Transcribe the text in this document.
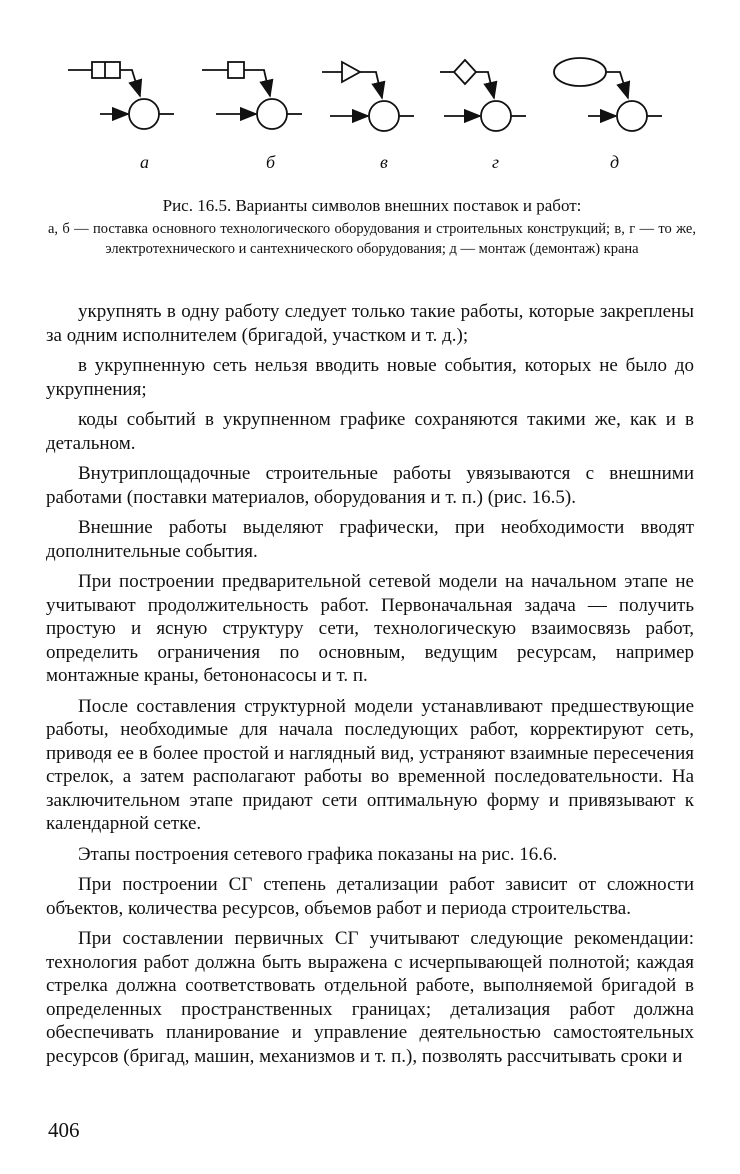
а	б	в	г	д
Рис. 16.5. Варианты символов внешних поставок и работ:
а, б — поставка основного технологического оборудования и строительных конструкций; в, г — то же, электротехнического и сантехнического оборудования; д — монтаж (демонтаж) крана

укрупнять в одну работу следует только такие работы, которые закреплены за одним исполнителем (бригадой, участком и т. д.);

в укрупненную сеть нельзя вводить новые события, которых не было до укрупнения;

коды событий в укрупненном графике сохраняются такими же, как и в детальном.

Внутриплощадочные строительные работы увязываются с внешними работами (поставки материалов, оборудования и т. п.) (рис. 16.5).

Внешние работы выделяют графически, при необходимости вводят дополнительные события.

При построении предварительной сетевой модели на начальном этапе не учитывают продолжительность работ. Первоначальная задача — получить простую и ясную структуру сети, технологическую взаимосвязь работ, определить ограничения по основным, ведущим ресурсам, например монтажные краны, бетононасосы и т. п.

После составления структурной модели устанавливают предшествующие работы, необходимые для начала последующих работ, корректируют сеть, приводя ее в более простой и наглядный вид, устраняют взаимные пересечения стрелок, а затем располагают работы во временной последовательности. На заключительном этапе придают сети оптимальную форму и привязывают к календарной сетке.

Этапы построения сетевого графика показаны на рис. 16.6.

При построении СГ степень детализации работ зависит от сложности объектов, количества ресурсов, объемов работ и периода строительства.

При составлении первичных СГ учитывают следующие рекомендации: технология работ должна быть выражена с исчерпывающей полнотой; каждая стрелка должна соответствовать отдельной работе, выполняемой бригадой в определенных пространственных границах; детализация работ должна обеспечивать планирование и управление деятельностью самостоятельных ресурсов (бригад, машин, механизмов и т. п.), позволять рассчитывать сроки и

406
